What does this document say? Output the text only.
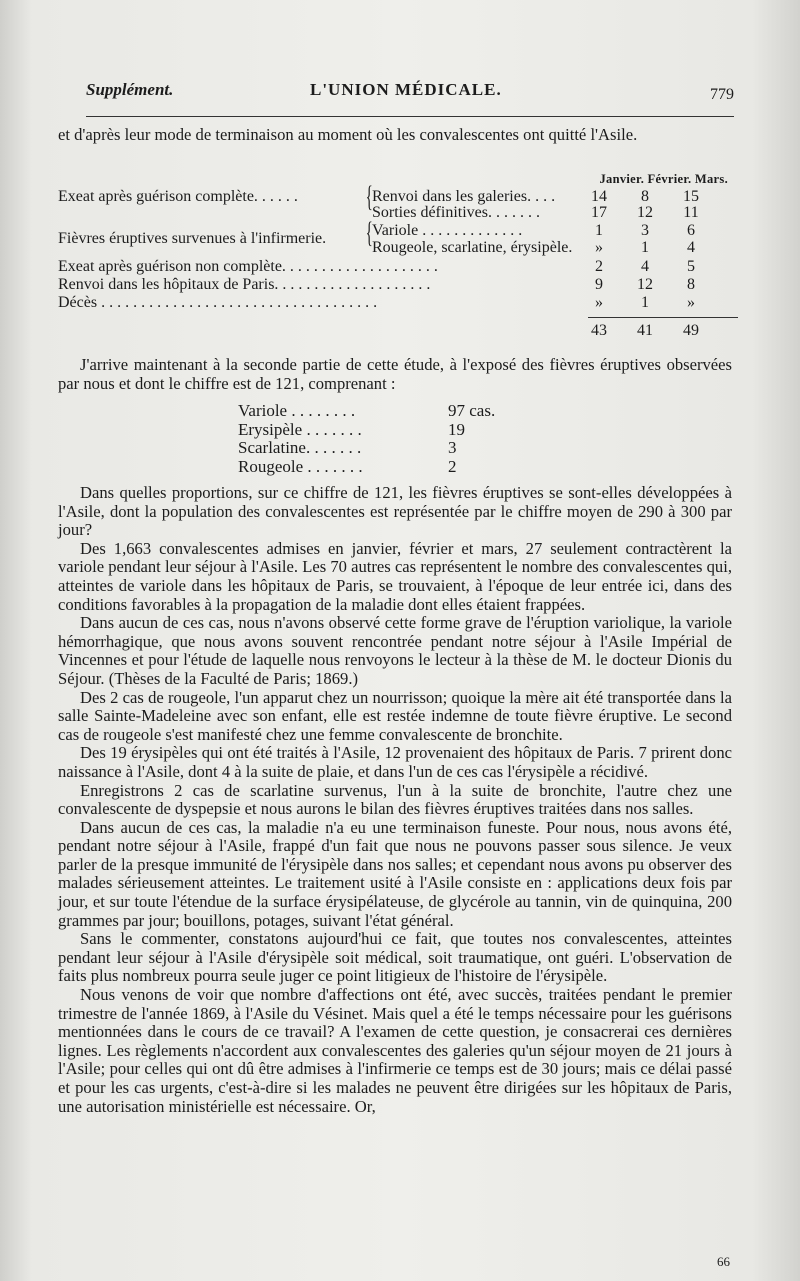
Supplément.	L'UNION MÉDICALE.	779

et d'après leur mode de terminaison au moment où les convalescentes ont quitté l'Asile.

Janvier. Février. Mars.
Exeat après guérison complète. . . . . .	Renvoi dans les galeries. . . .	14	8	15
{ Sorties définitives. . . . . . .	17	12	11
Fièvres éruptives survenues à l'infirmerie.	Variole . . . . . . . . . . . . .	1	3	6
{ Rougeole, scarlatine, érysipèle.	»	1	4
Exeat après guérison non complète. . . . . . . . . . . . . . . . . . . .	2	4	5
Renvoi dans les hôpitaux de Paris. . . . . . . . . . . . . . . . . . . .	9	12	8
Décès . . . . . . . . . . . . . . . . . . . . . . . . . . . . . . . . . . .	»	1	»
43	41	49

J'arrive maintenant à la seconde partie de cette étude, à l'exposé des fièvres éruptives observées par nous et dont le chiffre est de 121, comprenant :

Variole . . . . . . . .	97 cas.
Erysipèle . . . . . . .	19
Scarlatine. . . . . . .	3
Rougeole . . . . . . .	2

Dans quelles proportions, sur ce chiffre de 121, les fièvres éruptives se sont-elles développées à l'Asile, dont la population des convalescentes est représentée par le chiffre moyen de 290 à 300 par jour?

Des 1,663 convalescentes admises en janvier, février et mars, 27 seulement contractèrent la variole pendant leur séjour à l'Asile. Les 70 autres cas représentent le nombre des convalescentes qui, atteintes de variole dans les hôpitaux de Paris, se trouvaient, à l'époque de leur entrée ici, dans des conditions favorables à la propagation de la maladie dont elles étaient frappées.

Dans aucun de ces cas, nous n'avons observé cette forme grave de l'éruption variolique, la variole hémorrhagique, que nous avons souvent rencontrée pendant notre séjour à l'Asile Impérial de Vincennes et pour l'étude de laquelle nous renvoyons le lecteur à la thèse de M. le docteur Dionis du Séjour. (Thèses de la Faculté de Paris; 1869.)

Des 2 cas de rougeole, l'un apparut chez un nourrisson; quoique la mère ait été transportée dans la salle Sainte-Madeleine avec son enfant, elle est restée indemne de toute fièvre éruptive. Le second cas de rougeole s'est manifesté chez une femme convalescente de bronchite.

Des 19 érysipèles qui ont été traités à l'Asile, 12 provenaient des hôpitaux de Paris. 7 prirent donc naissance à l'Asile, dont 4 à la suite de plaie, et dans l'un de ces cas l'érysipèle a récidivé.

Enregistrons 2 cas de scarlatine survenus, l'un à la suite de bronchite, l'autre chez une convalescente de dyspepsie et nous aurons le bilan des fièvres éruptives traitées dans nos salles.

Dans aucun de ces cas, la maladie n'a eu une terminaison funeste. Pour nous, nous avons été, pendant notre séjour à l'Asile, frappé d'un fait que nous ne pouvons passer sous silence. Je veux parler de la presque immunité de l'érysipèle dans nos salles; et cependant nous avons pu observer des malades sérieusement atteintes. Le traitement usité à l'Asile consiste en : applications deux fois par jour, et sur toute l'étendue de la surface érysipélateuse, de glycérole au tannin, vin de quinquina, 200 grammes par jour; bouillons, potages, suivant l'état général.

Sans le commenter, constatons aujourd'hui ce fait, que toutes nos convalescentes, atteintes pendant leur séjour à l'Asile d'érysipèle soit médical, soit traumatique, ont guéri. L'observation de faits plus nombreux pourra seule juger ce point litigieux de l'histoire de l'érysipèle.

Nous venons de voir que nombre d'affections ont été, avec succès, traitées pendant le premier trimestre de l'année 1869, à l'Asile du Vésinet. Mais quel a été le temps nécessaire pour les guérisons mentionnées dans le cours de ce travail? A l'examen de cette question, je consacrerai ces dernières lignes. Les règlements n'accordent aux convalescentes des galeries qu'un séjour moyen de 21 jours à l'Asile; pour celles qui ont dû être admises à l'infirmerie ce temps est de 30 jours; mais ce délai passé et pour les cas urgents, c'est-à-dire si les malades ne peuvent être dirigées sur les hôpitaux de Paris, une autorisation ministérielle est nécessaire. Or,

66
